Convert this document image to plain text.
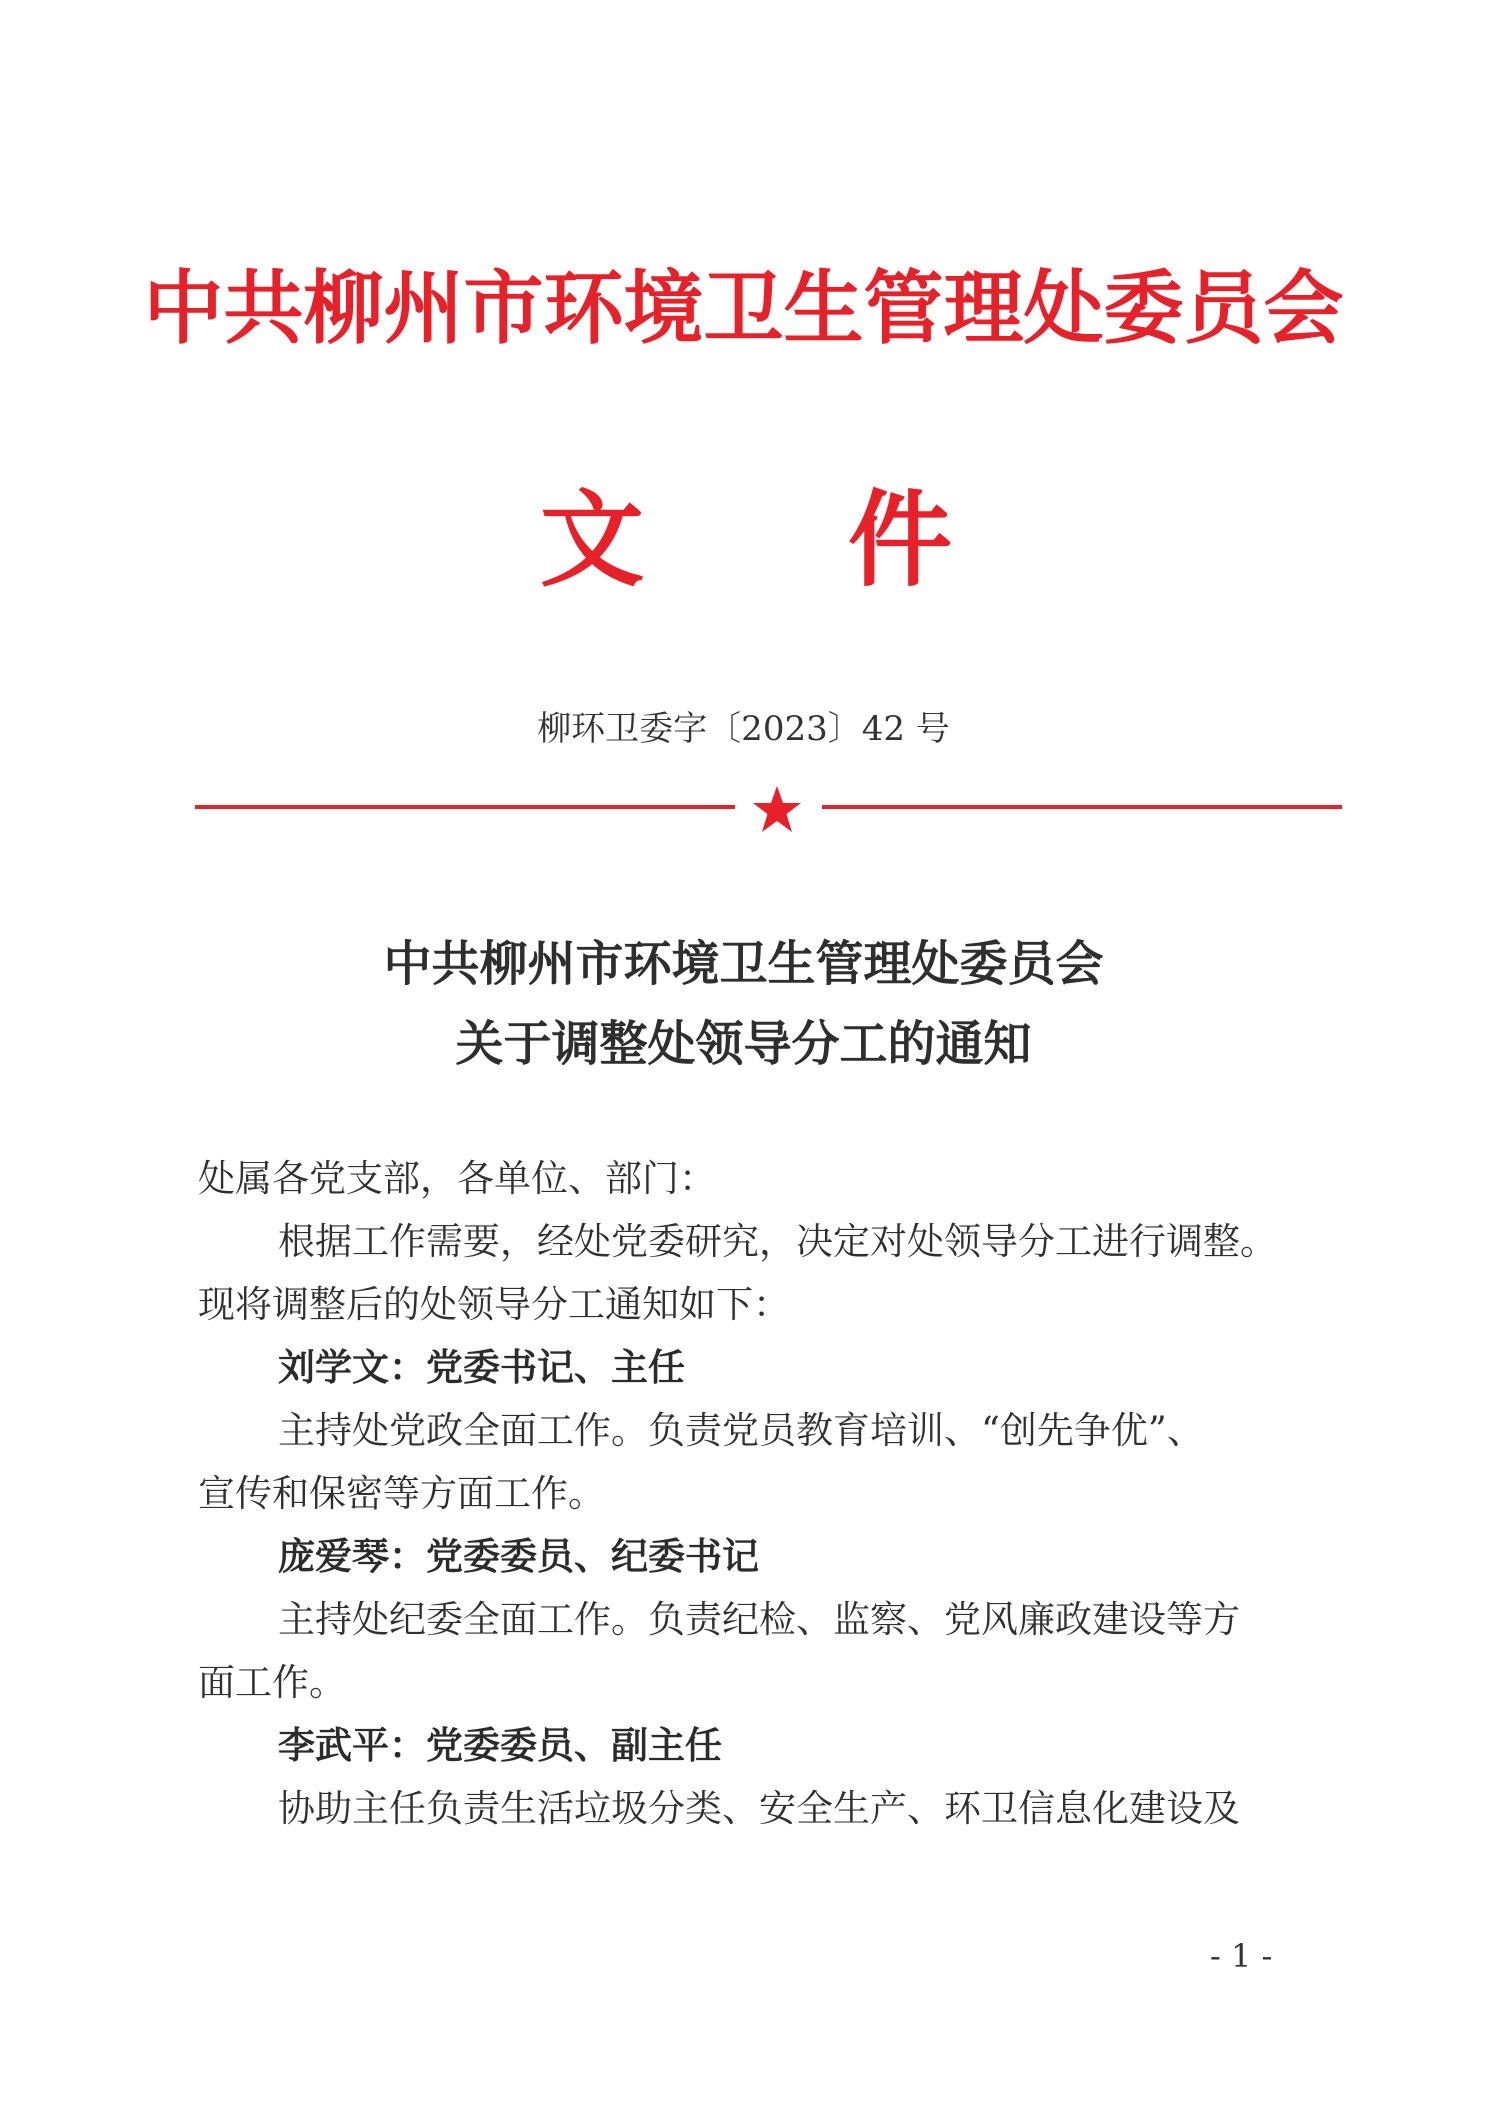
中共柳州市环境卫生管理处委员会
文 件
柳环卫委字〔2023〕42 号
中共柳州市环境卫生管理处委员会
关于调整处领导分工的通知
处属各党支部，各单位、部门：
根据工作需要，经处党委研究，决定对处领导分工进行调整。
现将调整后的处领导分工通知如下：
刘学文：党委书记、主任
主持处党政全面工作。负责党员教育培训、“创先争优”、
宣传和保密等方面工作。
庞爱琴：党委委员、纪委书记
主持处纪委全面工作。负责纪检、监察、党风廉政建设等方
面工作。
李武平：党委委员、副主任
协助主任负责生活垃圾分类、安全生产、环卫信息化建设及
- 1 -
